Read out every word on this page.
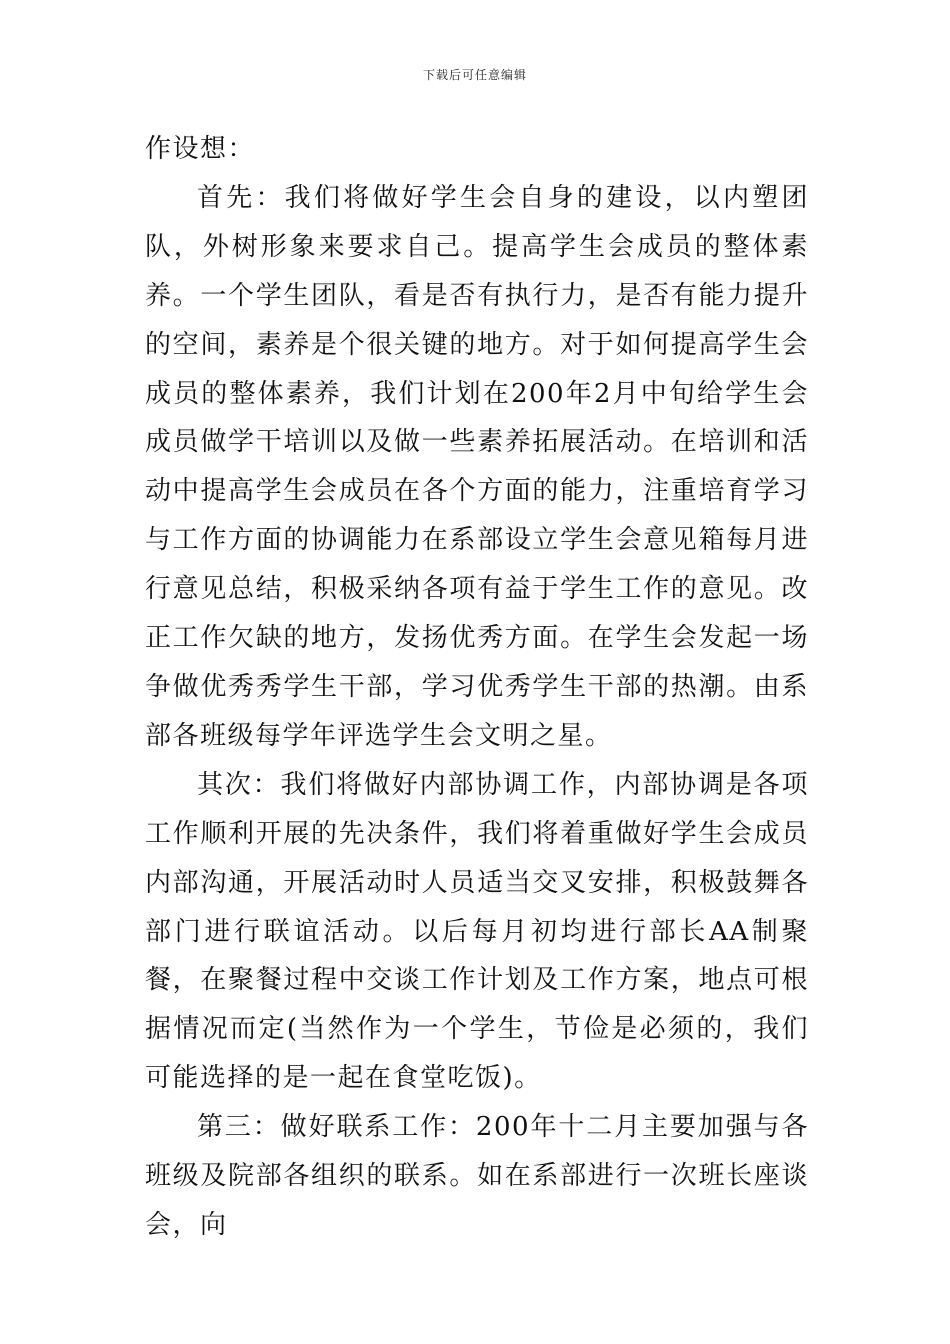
下载后可任意编辑

作设想：

首先：我们将做好学生会自身的建设，以内塑团队，外树形象来要求自己。提高学生会成员的整体素养。一个学生团队，看是否有执行力，是否有能力提升的空间，素养是个很关键的地方。对于如何提高学生会成员的整体素养，我们计划在200年2月中旬给学生会成员做学干培训以及做一些素养拓展活动。在培训和活动中提高学生会成员在各个方面的能力，注重培育学习与工作方面的协调能力在系部设立学生会意见箱每月进行意见总结，积极采纳各项有益于学生工作的意见。改正工作欠缺的地方，发扬优秀方面。在学生会发起一场争做优秀秀学生干部，学习优秀学生干部的热潮。由系部各班级每学年评选学生会文明之星。

其次：我们将做好内部协调工作，内部协调是各项工作顺利开展的先决条件，我们将着重做好学生会成员内部沟通，开展活动时人员适当交叉安排，积极鼓舞各部门进行联谊活动。以后每月初均进行部长AA制聚餐，在聚餐过程中交谈工作计划及工作方案，地点可根据情况而定(当然作为一个学生，节俭是必须的，我们可能选择的是一起在食堂吃饭)。

第三：做好联系工作：200年十二月主要加强与各班级及院部各组织的联系。如在系部进行一次班长座谈会，向
